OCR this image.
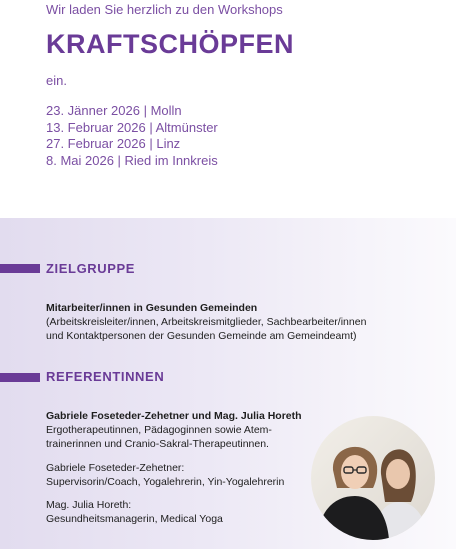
Wir laden Sie herzlich zu den Workshops
KRAFTSCHÖPFEN
ein.
23. Jänner 2026 | Molln
13. Februar 2026 | Altmünster
27. Februar 2026 | Linz
8. Mai 2026 | Ried im Innkreis
ZIELGRUPPE
Mitarbeiter/innen in Gesunden Gemeinden
(Arbeitskreisleiter/innen, Arbeitskreismitglieder, Sachbearbeiter/innen
und Kontaktpersonen der Gesunden Gemeinde am Gemeindeamt)
REFERENTINNEN
Gabriele Foseteder-Zehetner und Mag. Julia Horeth
Ergotherapeutinnen, Pädagoginnen sowie Atem-
trainerinnen und Cranio-Sakral-Therapeutinnen.
Gabriele Foseteder-Zehetner:
Supervisorin/Coach, Yogalehrerin, Yin-Yogalehrerin
Mag. Julia Horeth:
Gesundheitsmanagerin, Medical Yoga
